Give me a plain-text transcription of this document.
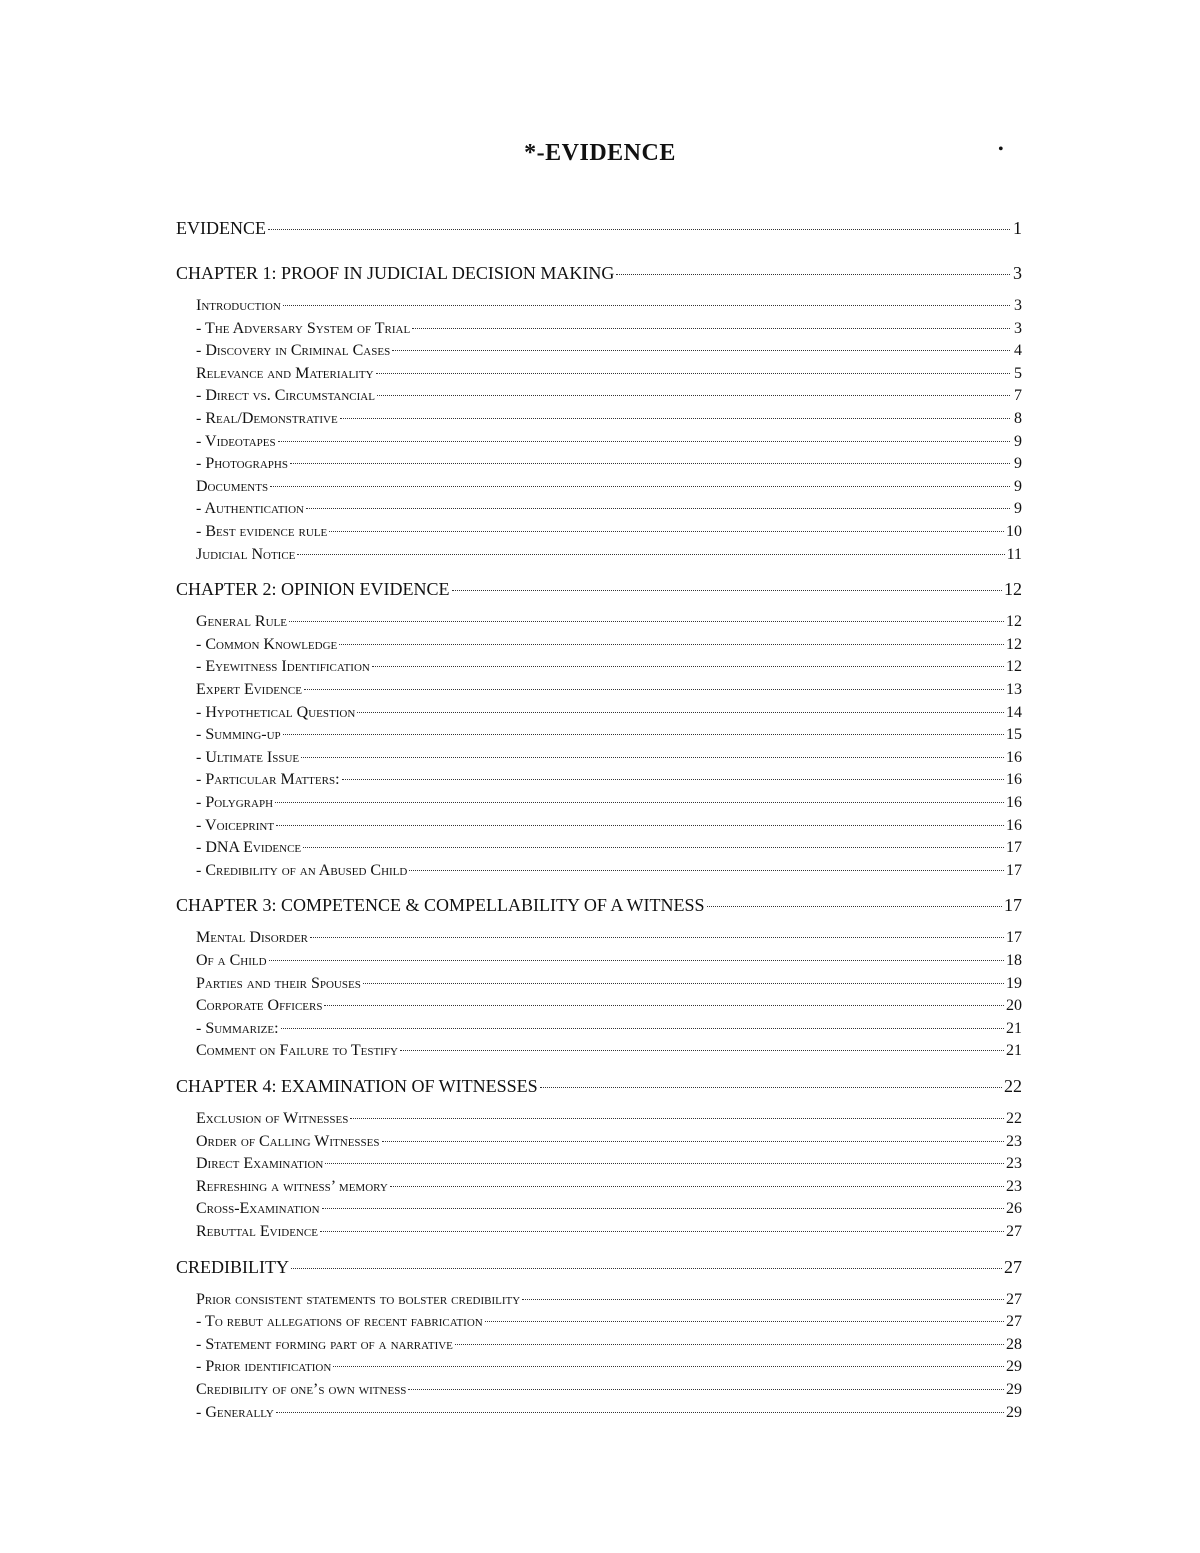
*-EVIDENCE	•
EVIDENCE	1
CHAPTER 1: PROOF IN JUDICIAL DECISION MAKING	3
Introduction	3
- The Adversary System of Trial	3
- Discovery in Criminal Cases	4
Relevance and Materiality	5
- Direct vs. Circumstancial	7
- Real/Demonstrative	8
- Videotapes	9
- Photographs	9
Documents	9
- Authentication	9
- Best evidence rule	10
Judicial Notice	11
CHAPTER 2: OPINION EVIDENCE	12
General Rule	12
- Common Knowledge	12
- Eyewitness Identification	12
Expert Evidence	13
- Hypothetical Question	14
- Summing-up	15
- Ultimate Issue	16
- Particular Matters:	16
- Polygraph	16
- Voiceprint	16
- DNA Evidence	17
- Credibility of an Abused Child	17
CHAPTER 3: COMPETENCE & COMPELLABILITY OF A WITNESS	17
Mental Disorder	17
Of a Child	18
Parties and their Spouses	19
Corporate Officers	20
- Summarize:	21
Comment on Failure to Testify	21
CHAPTER 4: EXAMINATION OF WITNESSES	22
Exclusion of Witnesses	22
Order of Calling Witnesses	23
Direct Examination	23
Refreshing a witness’ memory	23
Cross-Examination	26
Rebuttal Evidence	27
CREDIBILITY	27
Prior consistent statements to bolster credibility	27
- To rebut allegations of recent fabrication	27
- Statement forming part of a narrative	28
- Prior identification	29
Credibility of one’s own witness	29
- Generally	29
